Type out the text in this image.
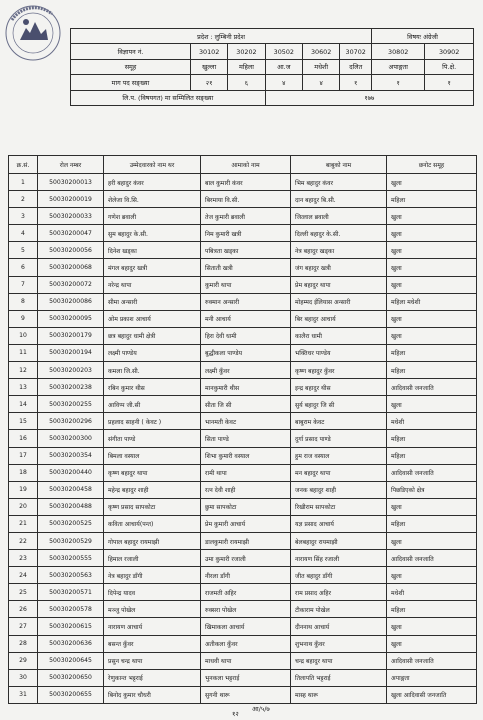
प्रदेश : लुम्बिनी प्रदेश						विषयः अंग्रेजी	
विज्ञापन नं.	30102	30202	30502	30602	30702	30802	30902
समूह	खुल्ला	महिला	आ.ज	मधेशी	दलित	अपाङ्गता	पि.क्षे.
माग पद सङ्ख्या	२१	६	४	४	१	१	१
लि.प. (विषयगत) मा सम्मिलित सङ्ख्या			१७७				
क्र.सं.	रोल नम्बर	उम्मेदवारको नाम थर	आमाको नाम	बाबुको नाम	छनोट समूह
1	50030200013	हरी बहादुर कंवर	बाल कुमारी कंवर	भिम बहादुर कंवर	खुला
2	50030200019	शेलेजा वि.सि.	बिरमाया वि.सी.	दान बहादुर बि.सी.	महिला
3	50030200033	गणेश ब्रवाली	तेज कुमारी ब्रवाली	जित्लाल ब्रवाली	खुला
4	50030200047	सुम बहादुर के.सी.	निम कुमारी खत्री	दिल्ली बहादुर के.सी.	खुला
5	50030200056	दिनेश खड्का	पबित्रता खड्का	नेत्र बहादुर खड्का	खुला
6	50030200068	मंगल बहादुर खत्री	सिताती खत्री	जंग बहादुर खत्री	खुला
7	50030200072	नरेन्द्र थापा	कुमारी थापा	प्रेम बहादुर थापा	खुला
8	50030200086	सीमा अन्सारी	रुक्मान अन्सारी	मोहम्मद ईलियास अन्सारी	महिला मधेशी
9	50030200095	ओम प्रकाश आचार्य	मनी आचार्य	बिर बहादुर आचार्य	खुला
10	50030200179	छत्र बहादुर धामी क्षेत्री	हिरा देवी धामी	कालैरा धामी	खुला
11	50030200194	लक्ष्मी पाण्डेय	बुद्धीकला पाण्डेय	भक्तिधर पाण्डेय	महिला
12	50030200203	कमला जि.सी.	लक्ष्मी कुँवर	कृष्ण बहादुर कुँवर	महिला
13	50030200238	रबिन कुमार थीस	मानकुमारी थीस	इन्द्र बहादुर थीस	आदिवासी जनजाति
14	50030200255	आविप्प जी.सी	सीता जि सी	सुर्य बहादुर जि सी	खुला
15	50030200296	प्रहलाद साहनी ( केवट )	भानमती केवट	बाबुराम केवट	मधेशी
16	50030200300	संगीता पाण्डे	सिता पाण्डे	दुर्गा प्रसाद पाण्डे	महिला
17	50030200354	बिमला वस्याल	शिभा कुमारी वस्याल	हुम राज वस्याल	महिला
18	50030200440	कृष्ण बहादुर थापा	रामी थापा	मन बहादुर थापा	आदिवासी जनजाति
19	50030200458	महेन्द्र बहादुर शाही	रत्न देवी शाही	जनक बहादुर शाही	पिछडिएको क्षेत्र
20	50030200488	कृष्ण प्रसाद सापकोटा	छुमा सापकोटा	रिखीराम सापकोटा	खुला
21	50030200525	कविता आचार्य(पन्त)	प्रेम कुमारी आचार्य	यज्ञ प्रसाद आचार्य	महिला
22	50030200529	गोपाल बहादुर रायमाझी	डालकुमारी रायमाझी	बेलबहादुर रायमाझी	खुला
23	50030200555	हिमाल रजाली	उमा कुमारी रजाली	नारायण सिंह रजाली	आदिवासी जनजाति
24	50030200563	नेत्र बहादुर डाँगी	नीरला डाँगी	जीत बहादुर डाँगी	खुला
25	50030200571	दिपेन्द्र यादव	राजमती अहिर	राम प्रसाद अहिर	मधेशी
26	50030200578	मञ्जु पोखेल	रुक्सरा पोखेल	टीकाराम पोखेल	महिला
27	50030200615	नारायण आचार्य	खिमाकला आचार्य	दीननाथ आचार्य	खुला
28	50030200636	बसन्त कुँवर	अतीकला कुँवर	शुभनाथ कुँवर	खुला
29	50030200645	प्रसुन चन्द्र थापा	माधवी थापा	चन्द्र बहादुर थापा	आदिवासी जनजाति
30	50030200650	रेणुकान्त भट्टराई	भुनकला भट्टराई	तिलापति भट्टराई	अपाङ्गता
31	50030200655	बिनोद कुमार चौधरी	सुगनी थारू	मास्ह थारू	खुला आदिवासी जनजाति
१२
आ/५/७
